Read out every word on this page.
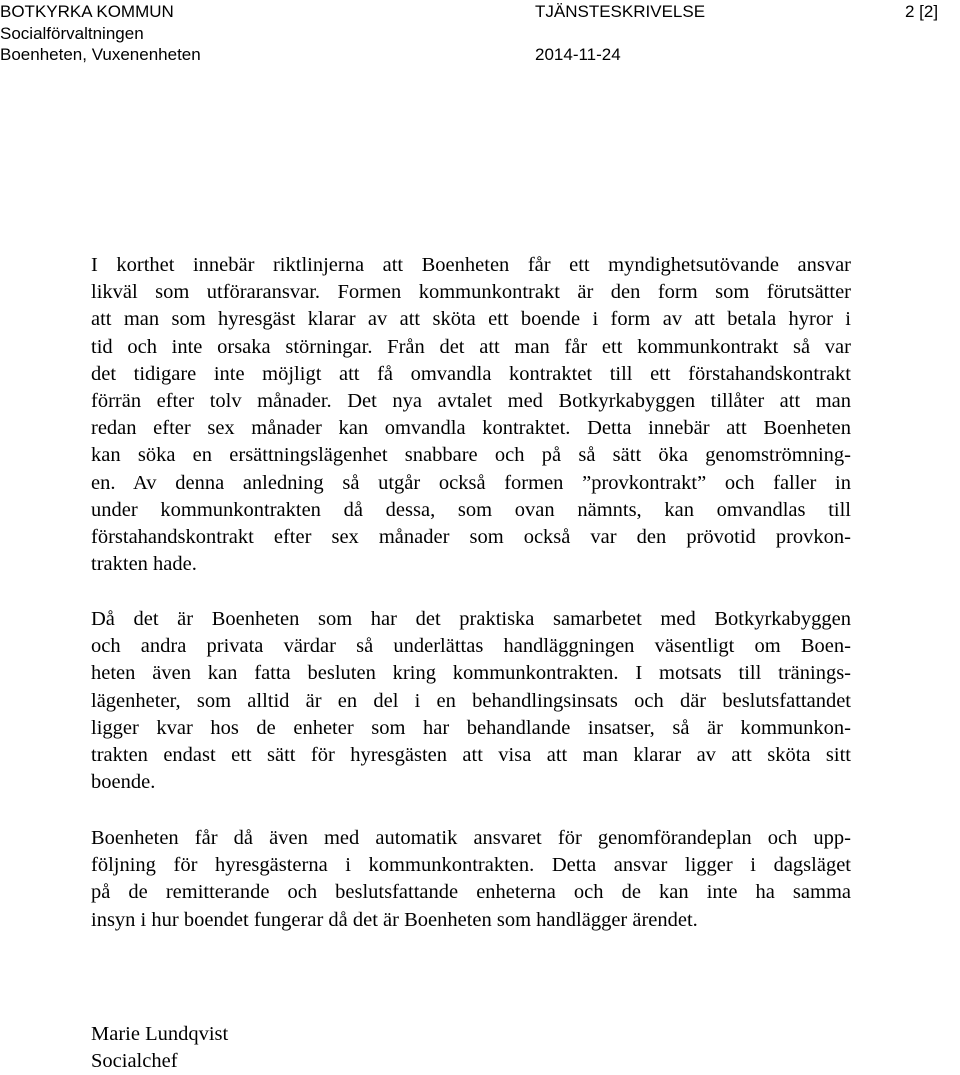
BOTKYRKA KOMMUN
Socialförvaltningen
Boenheten, Vuxenenheten
TJÄNSTESKRIVELSE
2014-11-24
2 [2]
I korthet innebär riktlinjerna att Boenheten får ett myndighetsutövande ansvar
likväl som utföraransvar. Formen kommunkontrakt är den form som förutsätter
att man som hyresgäst klarar av att sköta ett boende i form av att betala hyror i
tid och inte orsaka störningar. Från det att man får ett kommunkontrakt så var
det tidigare inte möjligt att få omvandla kontraktet till ett förstahandskontrakt
förrän efter tolv månader. Det nya avtalet med Botkyrkabyggen tillåter att man
redan efter sex månader kan omvandla kontraktet. Detta innebär att Boenheten
kan söka en ersättningslägenhet snabbare och på så sätt öka genomströmning-
en. Av denna anledning så utgår också formen ”provkontrakt” och faller in
under kommunkontrakten då dessa, som ovan nämnts, kan omvandlas till
förstahandskontrakt efter sex månader som också var den prövotid provkon-
trakten hade.
Då det är Boenheten som har det praktiska samarbetet med Botkyrkabyggen
och andra privata värdar så underlättas handläggningen väsentligt om Boen-
heten även kan fatta besluten kring kommunkontrakten. I motsats till tränings-
lägenheter, som alltid är en del i en behandlingsinsats och där beslutsfattandet
ligger kvar hos de enheter som har behandlande insatser, så är kommunkon-
trakten endast ett sätt för hyresgästen att visa att man klarar av att sköta sitt
boende.
Boenheten får då även med automatik ansvaret för genomförandeplan och upp-
följning för hyresgästerna i kommunkontrakten. Detta ansvar ligger i dagsläget
på de remitterande och beslutsfattande enheterna och de kan inte ha samma
insyn i hur boendet fungerar då det är Boenheten som handlägger ärendet.
Marie Lundqvist
Socialchef
